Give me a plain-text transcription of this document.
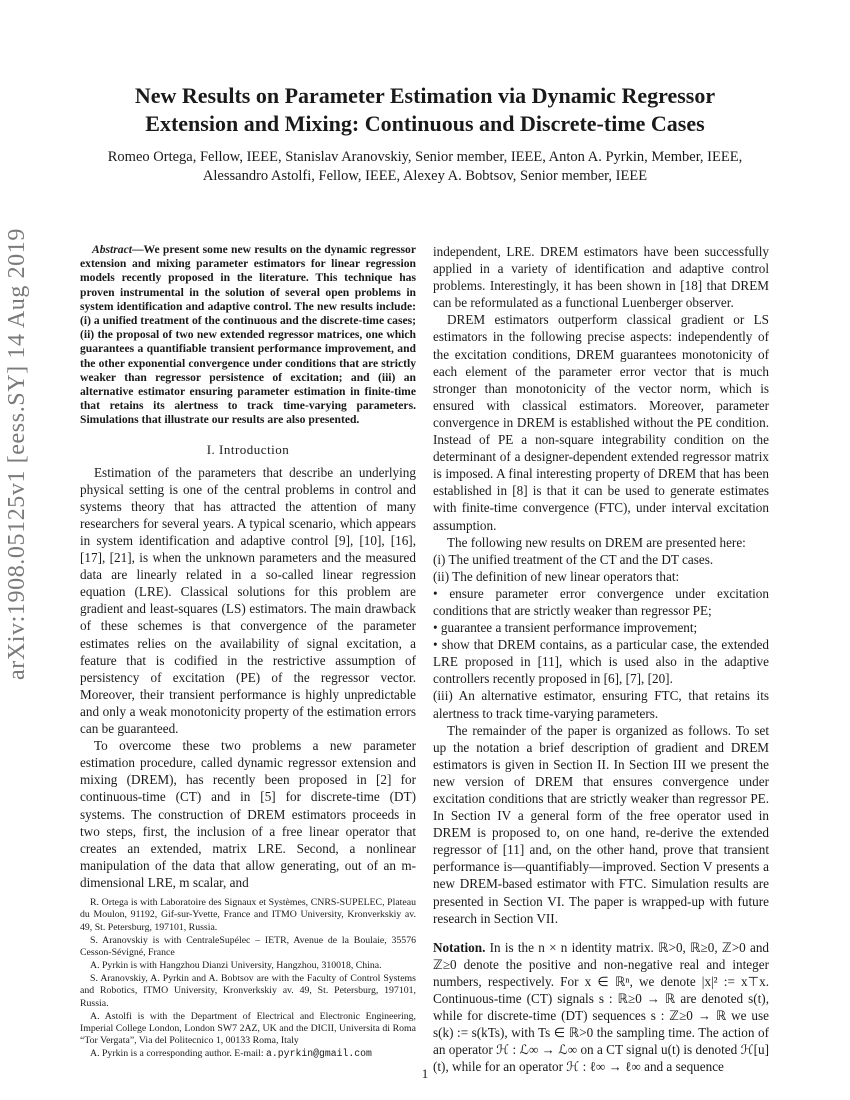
arXiv:1908.05125v1 [eess.SY] 14 Aug 2019
New Results on Parameter Estimation via Dynamic Regressor
Extension and Mixing: Continuous and Discrete-time Cases
Romeo Ortega, Fellow, IEEE, Stanislav Aranovskiy, Senior member, IEEE, Anton A. Pyrkin, Member, IEEE,
Alessandro Astolfi, Fellow, IEEE, Alexey A. Bobtsov, Senior member, IEEE

Abstract—We present some new results on the dynamic regressor extension and mixing parameter estimators for linear regression models recently proposed in the literature. This technique has proven instrumental in the solution of several open problems in system identification and adaptive control. The new results include: (i) a unified treatment of the continuous and the discrete-time cases; (ii) the proposal of two new extended regressor matrices, one which guarantees a quantifiable transient performance improvement, and the other exponential convergence under conditions that are strictly weaker than regressor persistence of excitation; and (iii) an alternative estimator ensuring parameter estimation in finite-time that retains its alertness to track time-varying parameters. Simulations that illustrate our results are also presented.

I. Introduction

Estimation of the parameters that describe an underlying physical setting is one of the central problems in control and systems theory that has attracted the attention of many researchers for several years. A typical scenario, which appears in system identification and adaptive control [9], [10], [16], [17], [21], is when the unknown parameters and the measured data are linearly related in a so-called linear regression equation (LRE). Classical solutions for this problem are gradient and least-squares (LS) estimators. The main drawback of these schemes is that convergence of the parameter estimates relies on the availability of signal excitation, a feature that is codified in the restrictive assumption of persistency of excitation (PE) of the regressor vector. Moreover, their transient performance is highly unpredictable and only a weak monotonicity property of the estimation errors can be guaranteed.

To overcome these two problems a new parameter estimation procedure, called dynamic regressor extension and mixing (DREM), has recently been proposed in [2] for continuous-time (CT) and in [5] for discrete-time (DT) systems. The construction of DREM estimators proceeds in two steps, first, the inclusion of a free linear operator that creates an extended, matrix LRE. Second, a nonlinear manipulation of the data that allow generating, out of an m-dimensional LRE, m scalar, and

R. Ortega is with Laboratoire des Signaux et Systèmes, CNRS-SUPELEC, Plateau du Moulon, 91192, Gif-sur-Yvette, France and ITMO University, Kronverkskiy av. 49, St. Petersburg, 197101, Russia.

S. Aranovskiy is with CentraleSupélec – IETR, Avenue de la Boulaie, 35576 Cesson-Sévigné, France

A. Pyrkin is with Hangzhou Dianzi University, Hangzhou, 310018, China.

S. Aranovskiy, A. Pyrkin and A. Bobtsov are with the Faculty of Control Systems and Robotics, ITMO University, Kronverkskiy av. 49, St. Petersburg, 197101, Russia.

A. Astolfi is with the Department of Electrical and Electronic Engineering, Imperial College London, London SW7 2AZ, UK and the DICII, Universita di Roma “Tor Vergata”, Via del Politecnico 1, 00133 Roma, Italy

A. Pyrkin is a corresponding author. E-mail: a.pyrkin@gmail.com

independent, LRE. DREM estimators have been successfully applied in a variety of identification and adaptive control problems. Interestingly, it has been shown in [18] that DREM can be reformulated as a functional Luenberger observer.

DREM estimators outperform classical gradient or LS estimators in the following precise aspects: independently of the excitation conditions, DREM guarantees monotonicity of each element of the parameter error vector that is much stronger than monotonicity of the vector norm, which is ensured with classical estimators. Moreover, parameter convergence in DREM is established without the PE condition. Instead of PE a non-square integrability condition on the determinant of a designer-dependent extended regressor matrix is imposed. A final interesting property of DREM that has been established in [8] is that it can be used to generate estimates with finite-time convergence (FTC), under interval excitation assumption.

The following new results on DREM are presented here:

(i) The unified treatment of the CT and the DT cases.

(ii) The definition of new linear operators that:

• ensure parameter error convergence under excitation conditions that are strictly weaker than regressor PE;

• guarantee a transient performance improvement;

• show that DREM contains, as a particular case, the extended LRE proposed in [11], which is used also in the adaptive controllers recently proposed in [6], [7], [20].

(iii) An alternative estimator, ensuring FTC, that retains its alertness to track time-varying parameters.

The remainder of the paper is organized as follows. To set up the notation a brief description of gradient and DREM estimators is given in Section II. In Section III we present the new version of DREM that ensures convergence under excitation conditions that are strictly weaker than regressor PE. In Section IV a general form of the free operator used in DREM is proposed to, on one hand, re-derive the extended regressor of [11] and, on the other hand, prove that transient performance is—quantifiably—improved. Section V presents a new DREM-based estimator with FTC. Simulation results are presented in Section VI. The paper is wrapped-up with future research in Section VII.

Notation. In is the n × n identity matrix. ℝ>0, ℝ≥0, ℤ>0 and ℤ≥0 denote the positive and non-negative real and integer numbers, respectively. For x ∈ ℝⁿ, we denote |x|² := x⊤x. Continuous-time (CT) signals s : ℝ≥0 → ℝ are denoted s(t), while for discrete-time (DT) sequences s : ℤ≥0 → ℝ we use s(k) := s(kTs), with Ts ∈ ℝ>0 the sampling time. The action of an operator ℋ : ℒ∞ → ℒ∞ on a CT signal u(t) is denoted ℋ[u](t), while for an operator ℋ : ℓ∞ → ℓ∞ and a sequence

1
